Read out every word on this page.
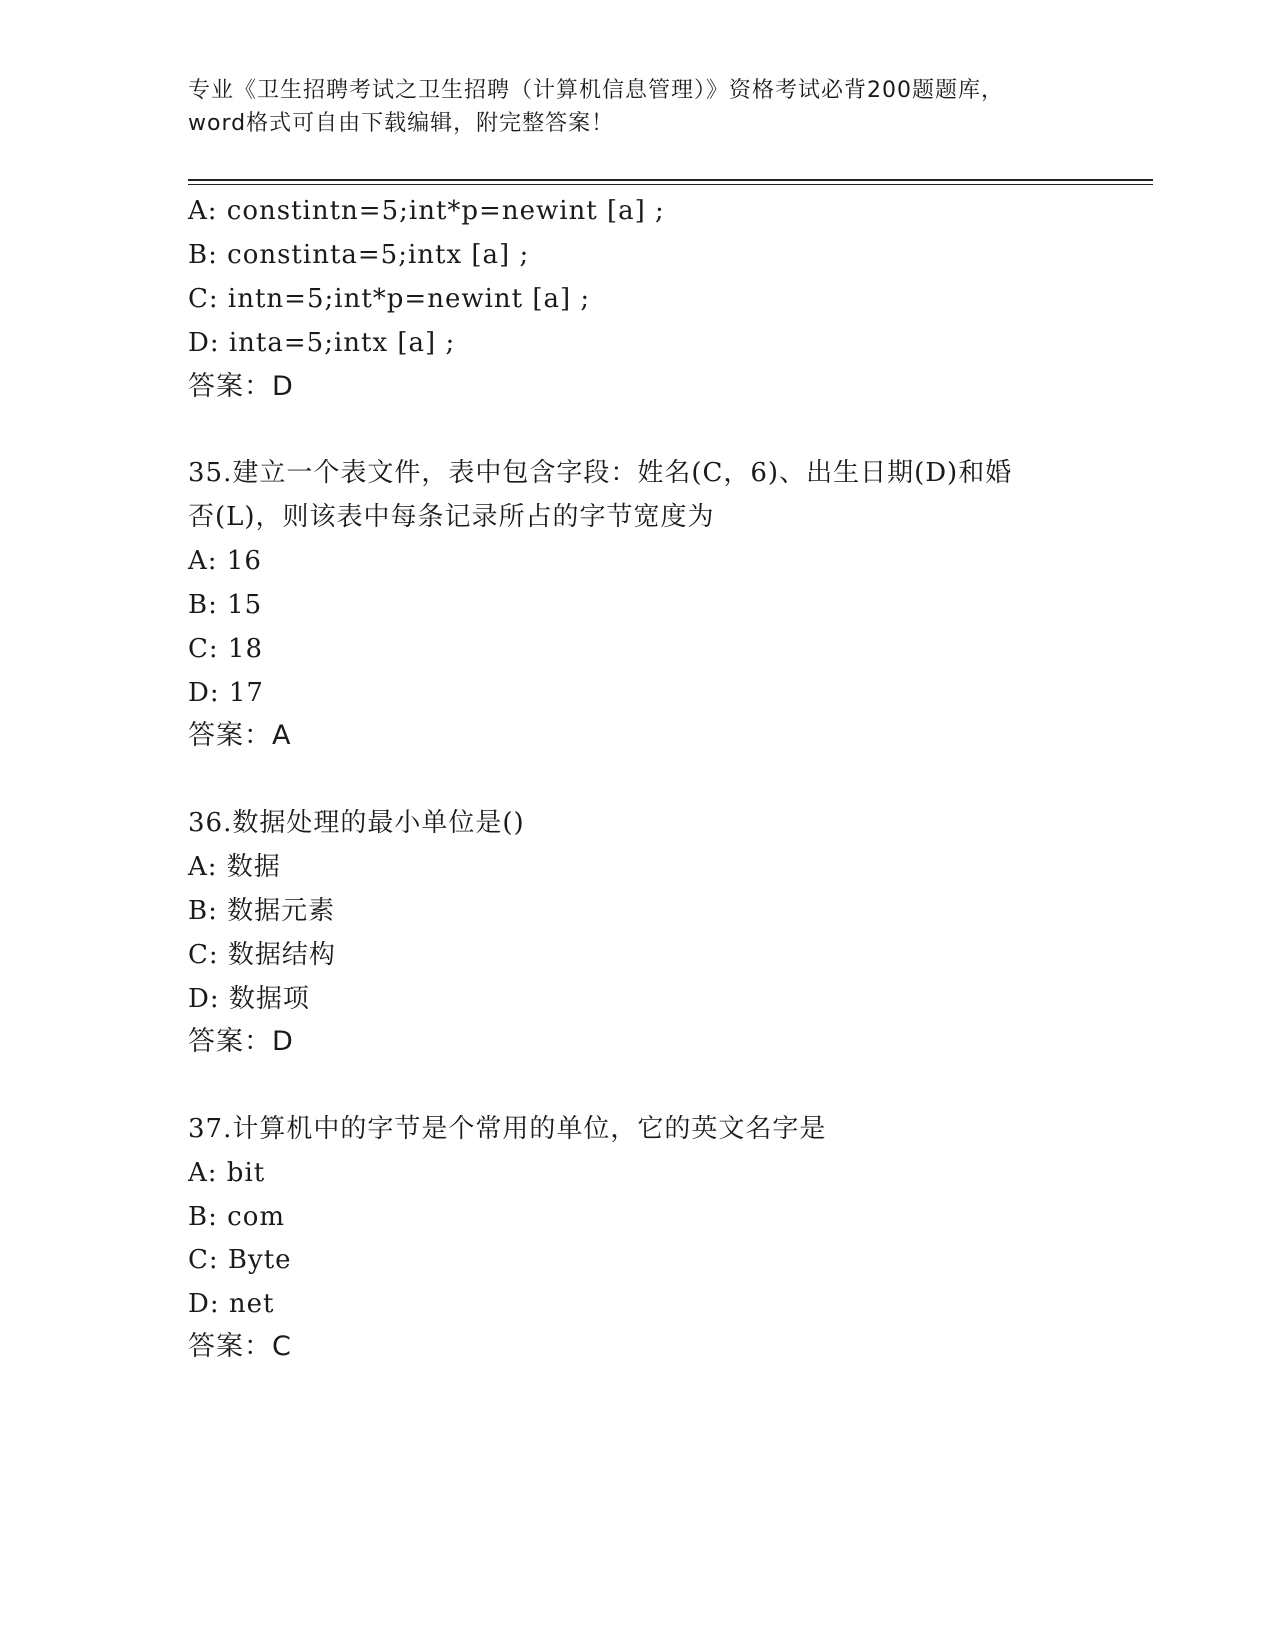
专业《卫生招聘考试之卫生招聘（计算机信息管理）》资格考试必背200题题库，
word格式可自由下载编辑，附完整答案！
A: constintn=5;int*p=newint [a] ;
B: constinta=5;intx [a] ;
C: intn=5;int*p=newint [a] ;
D: inta=5;intx [a] ;
答案：D
35.建立一个表文件，表中包含字段：姓名(C，6)、出生日期(D)和婚
否(L)，则该表中每条记录所占的字节宽度为
A: 16
B: 15
C: 18
D: 17
答案：A
36.数据处理的最小单位是()
A: 数据
B: 数据元素
C: 数据结构
D: 数据项
答案：D
37.计算机中的字节是个常用的单位，它的英文名字是
A: bit
B: com
C: Byte
D: net
答案：C
